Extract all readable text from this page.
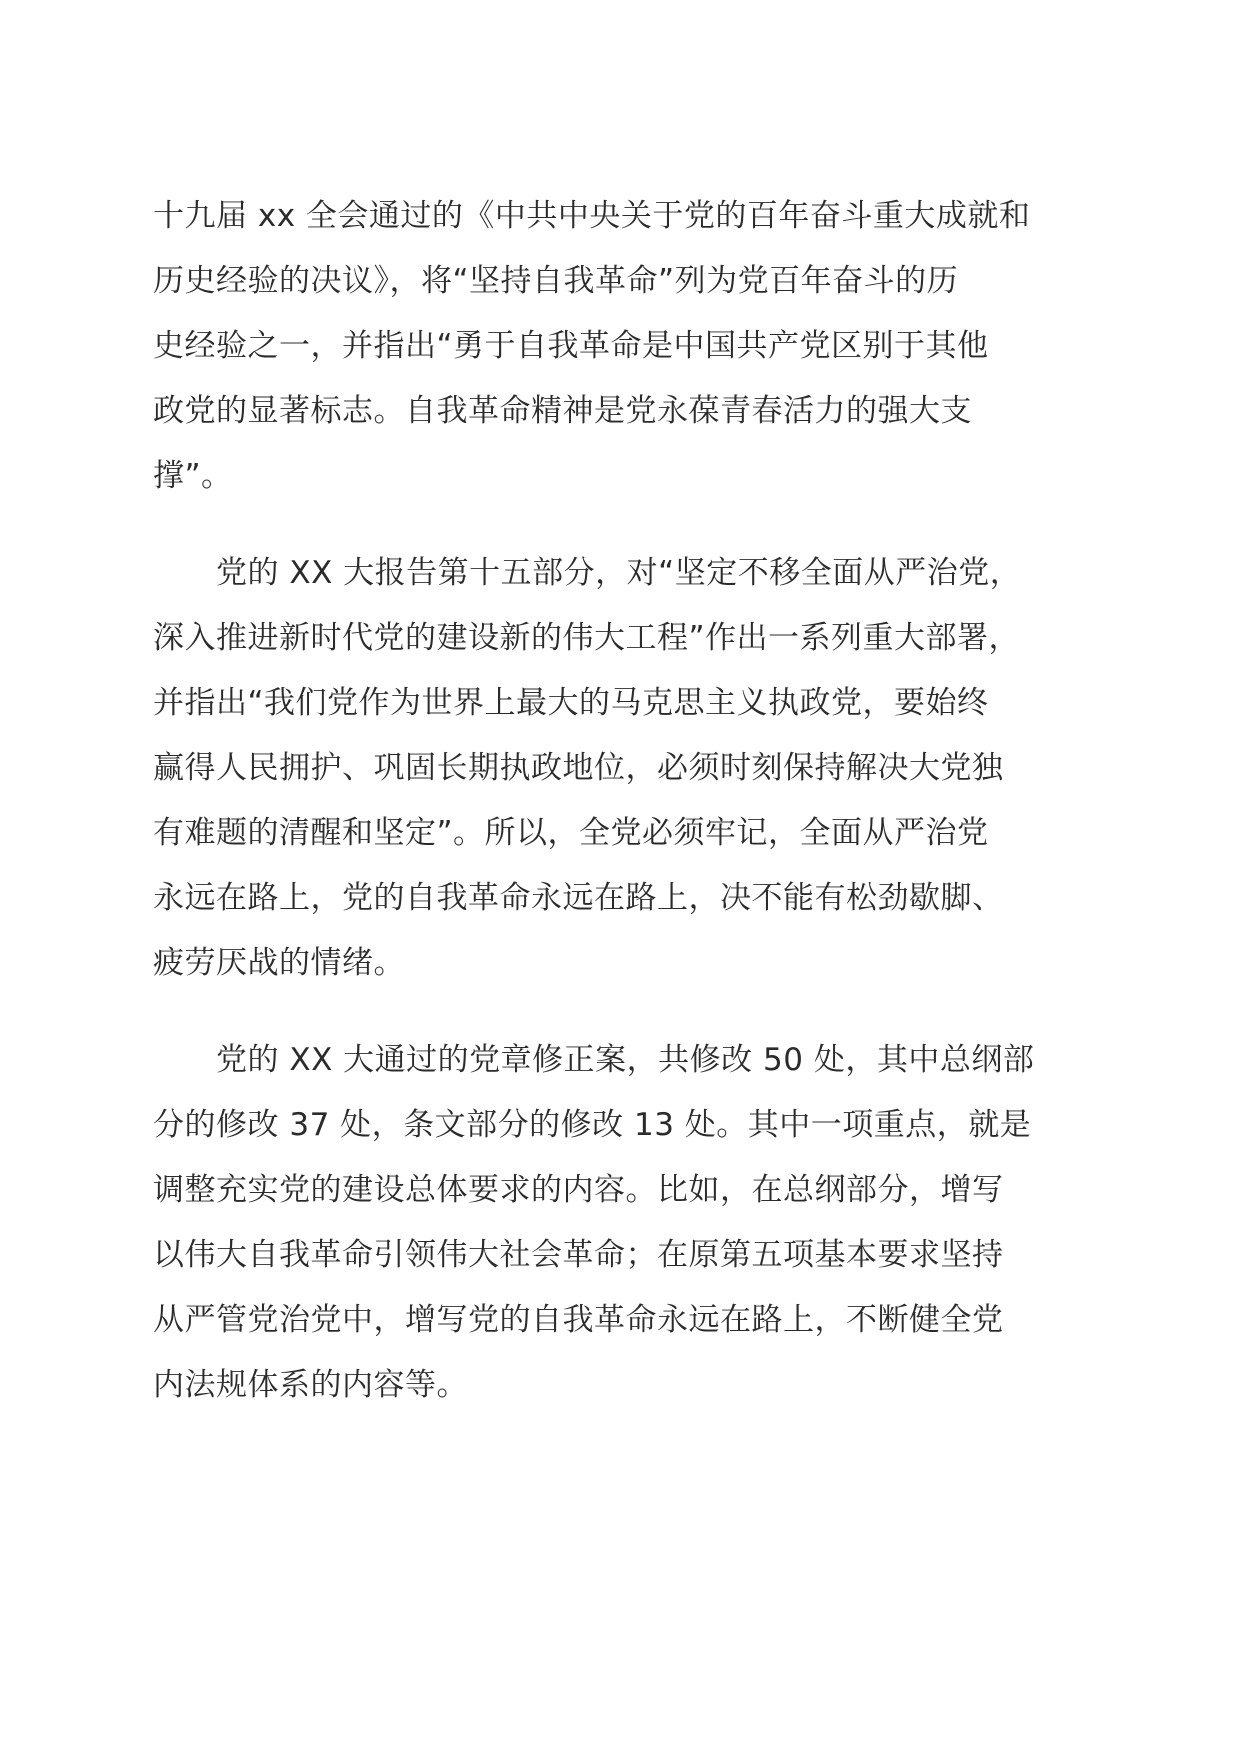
十九届 xx 全会通过的《中共中央关于党的百年奋斗重大成就和
历史经验的决议》，将“坚持自我革命”列为党百年奋斗的历
史经验之一，并指出“勇于自我革命是中国共产党区别于其他
政党的显著标志。自我革命精神是党永葆青春活力的强大支
撑”。

　　党的 XX 大报告第十五部分，对“坚定不移全面从严治党，
深入推进新时代党的建设新的伟大工程”作出一系列重大部署，
并指出“我们党作为世界上最大的马克思主义执政党，要始终
赢得人民拥护、巩固长期执政地位，必须时刻保持解决大党独
有难题的清醒和坚定”。所以，全党必须牢记，全面从严治党
永远在路上，党的自我革命永远在路上，决不能有松劲歇脚、
疲劳厌战的情绪。

　　党的 XX 大通过的党章修正案，共修改 50 处，其中总纲部
分的修改 37 处，条文部分的修改 13 处。其中一项重点，就是
调整充实党的建设总体要求的内容。比如，在总纲部分，增写
以伟大自我革命引领伟大社会革命；在原第五项基本要求坚持
从严管党治党中，增写党的自我革命永远在路上，不断健全党
内法规体系的内容等。
